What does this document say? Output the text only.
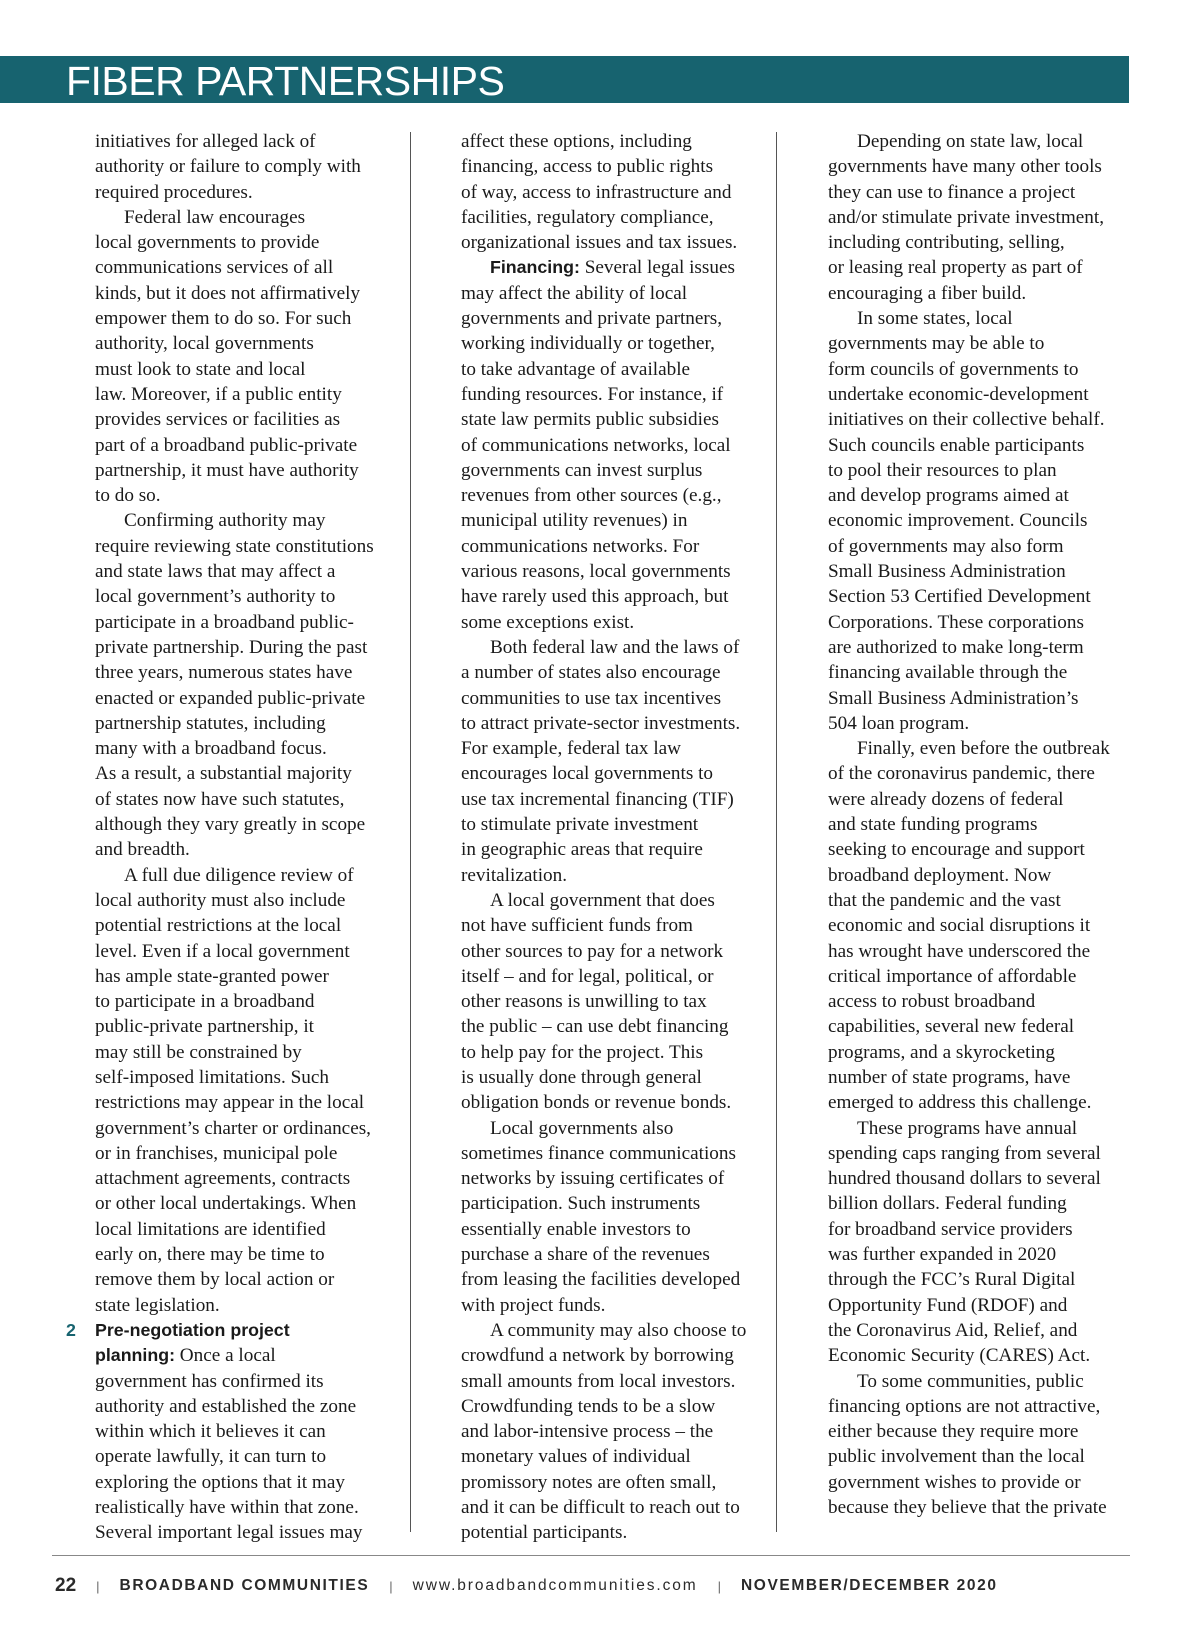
FIBER PARTNERSHIPS

initiatives for alleged lack of

authority or failure to comply with

required procedures.

Federal law encourages

local governments to provide

communications services of all

kinds, but it does not affirmatively

empower them to do so. For such

authority, local governments

must look to state and local

law. Moreover, if a public entity

provides services or facilities as

part of a broadband public-private

partnership, it must have authority

to do so.

Confirming authority may

require reviewing state constitutions

and state laws that may affect a

local government’s authority to

participate in a broadband public-

private partnership. During the past

three years, numerous states have

enacted or expanded public-private

partnership statutes, including

many with a broadband focus.

As a result, a substantial majority

of states now have such statutes,

although they vary greatly in scope

and breadth.

A full due diligence review of

local authority must also include

potential restrictions at the local

level. Even if a local government

has ample state-granted power

to participate in a broadband

public-private partnership, it

may still be constrained by

self-imposed limitations. Such

restrictions may appear in the local

government’s charter or ordinances,

or in franchises, municipal pole

attachment agreements, contracts

or other local undertakings. When

local limitations are identified

early on, there may be time to

remove them by local action or

state legislation.

2 Pre-negotiation project

planning: Once a local

government has confirmed its

authority and established the zone

within which it believes it can

operate lawfully, it can turn to

exploring the options that it may

realistically have within that zone.

Several important legal issues may

affect these options, including

financing, access to public rights

of way, access to infrastructure and

facilities, regulatory compliance,

organizational issues and tax issues.

Financing: Several legal issues

may affect the ability of local

governments and private partners,

working individually or together,

to take advantage of available

funding resources. For instance, if

state law permits public subsidies

of communications networks, local

governments can invest surplus

revenues from other sources (e.g.,

municipal utility revenues) in

communications networks. For

various reasons, local governments

have rarely used this approach, but

some exceptions exist.

Both federal law and the laws of

a number of states also encourage

communities to use tax incentives

to attract private-sector investments.

For example, federal tax law

encourages local governments to

use tax incremental financing (TIF)

to stimulate private investment

in geographic areas that require

revitalization.

A local government that does

not have sufficient funds from

other sources to pay for a network

itself – and for legal, political, or

other reasons is unwilling to tax

the public – can use debt financing

to help pay for the project. This

is usually done through general

obligation bonds or revenue bonds.

Local governments also

sometimes finance communications

networks by issuing certificates of

participation. Such instruments

essentially enable investors to

purchase a share of the revenues

from leasing the facilities developed

with project funds.

A community may also choose to

crowdfund a network by borrowing

small amounts from local investors.

Crowdfunding tends to be a slow

and labor-intensive process – the

monetary values of individual

promissory notes are often small,

and it can be difficult to reach out to

potential participants.

Depending on state law, local

governments have many other tools

they can use to finance a project

and/or stimulate private investment,

including contributing, selling,

or leasing real property as part of

encouraging a fiber build.

In some states, local

governments may be able to

form councils of governments to

undertake economic-development

initiatives on their collective behalf.

Such councils enable participants

to pool their resources to plan

and develop programs aimed at

economic improvement. Councils

of governments may also form

Small Business Administration

Section 53 Certified Development

Corporations. These corporations

are authorized to make long-term

financing available through the

Small Business Administration’s

504 loan program.

Finally, even before the outbreak

of the coronavirus pandemic, there

were already dozens of federal

and state funding programs

seeking to encourage and support

broadband deployment. Now

that the pandemic and the vast

economic and social disruptions it

has wrought have underscored the

critical importance of affordable

access to robust broadband

capabilities, several new federal

programs, and a skyrocketing

number of state programs, have

emerged to address this challenge.

These programs have annual

spending caps ranging from several

hundred thousand dollars to several

billion dollars. Federal funding

for broadband service providers

was further expanded in 2020

through the FCC’s Rural Digital

Opportunity Fund (RDOF) and

the Coronavirus Aid, Relief, and

Economic Security (CARES) Act.

To some communities, public

financing options are not attractive,

either because they require more

public involvement than the local

government wishes to provide or

because they believe that the private

22 | BROADBAND COMMUNITIES | www.broadbandcommunities.com | NOVEMBER/DECEMBER 2020
